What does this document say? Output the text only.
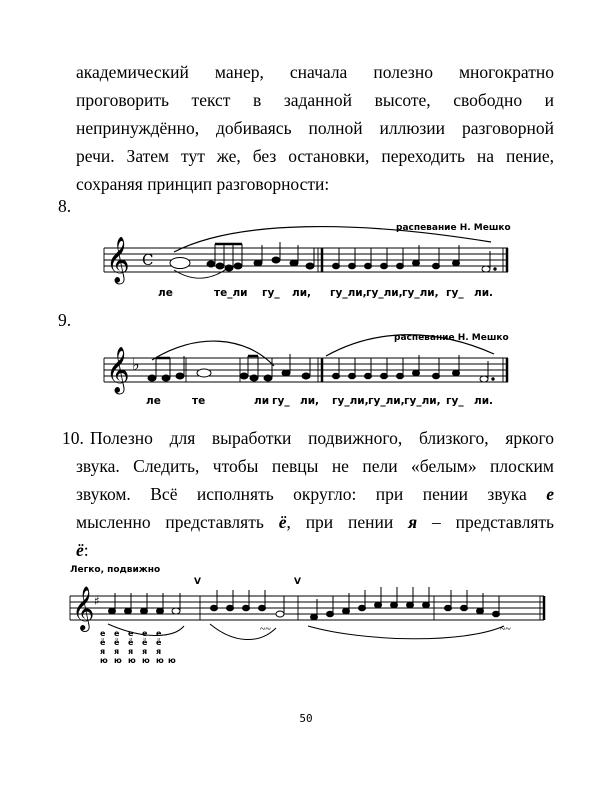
академический манер, сначала полезно многократно
проговорить текст в заданной высоте, свободно и
непринуждённо, добиваясь полной иллюзии разговорной
речи. Затем тут же, без остановки, переходить на пение,
сохраняя принцип разговорности:
8.
распевание Н. Мешко
𝄞 C
ле	те_ли гу_ ли, гу_ли, гу_ли, гу_ли, гу_ ли.
9.
распевание Н. Мешко
𝄞 ♭
ле	те	ли гу_ ли, гу_ли, гу_ли, гу_ли, гу_ ли.
10. Полезно для выработки подвижного, близкого, яркого
звука. Следить, чтобы певцы не пели «белым» плоским
звуком. Всё исполнять округло: при пении звука е
мысленно представлять ё, при пении я – представлять
ё:
Легко, подвижно
V	V
𝄞 ♯
~~	~~
е е е е е
ё ё ё ё ё
я я я я я
ю ю ю ю ю ю
50
